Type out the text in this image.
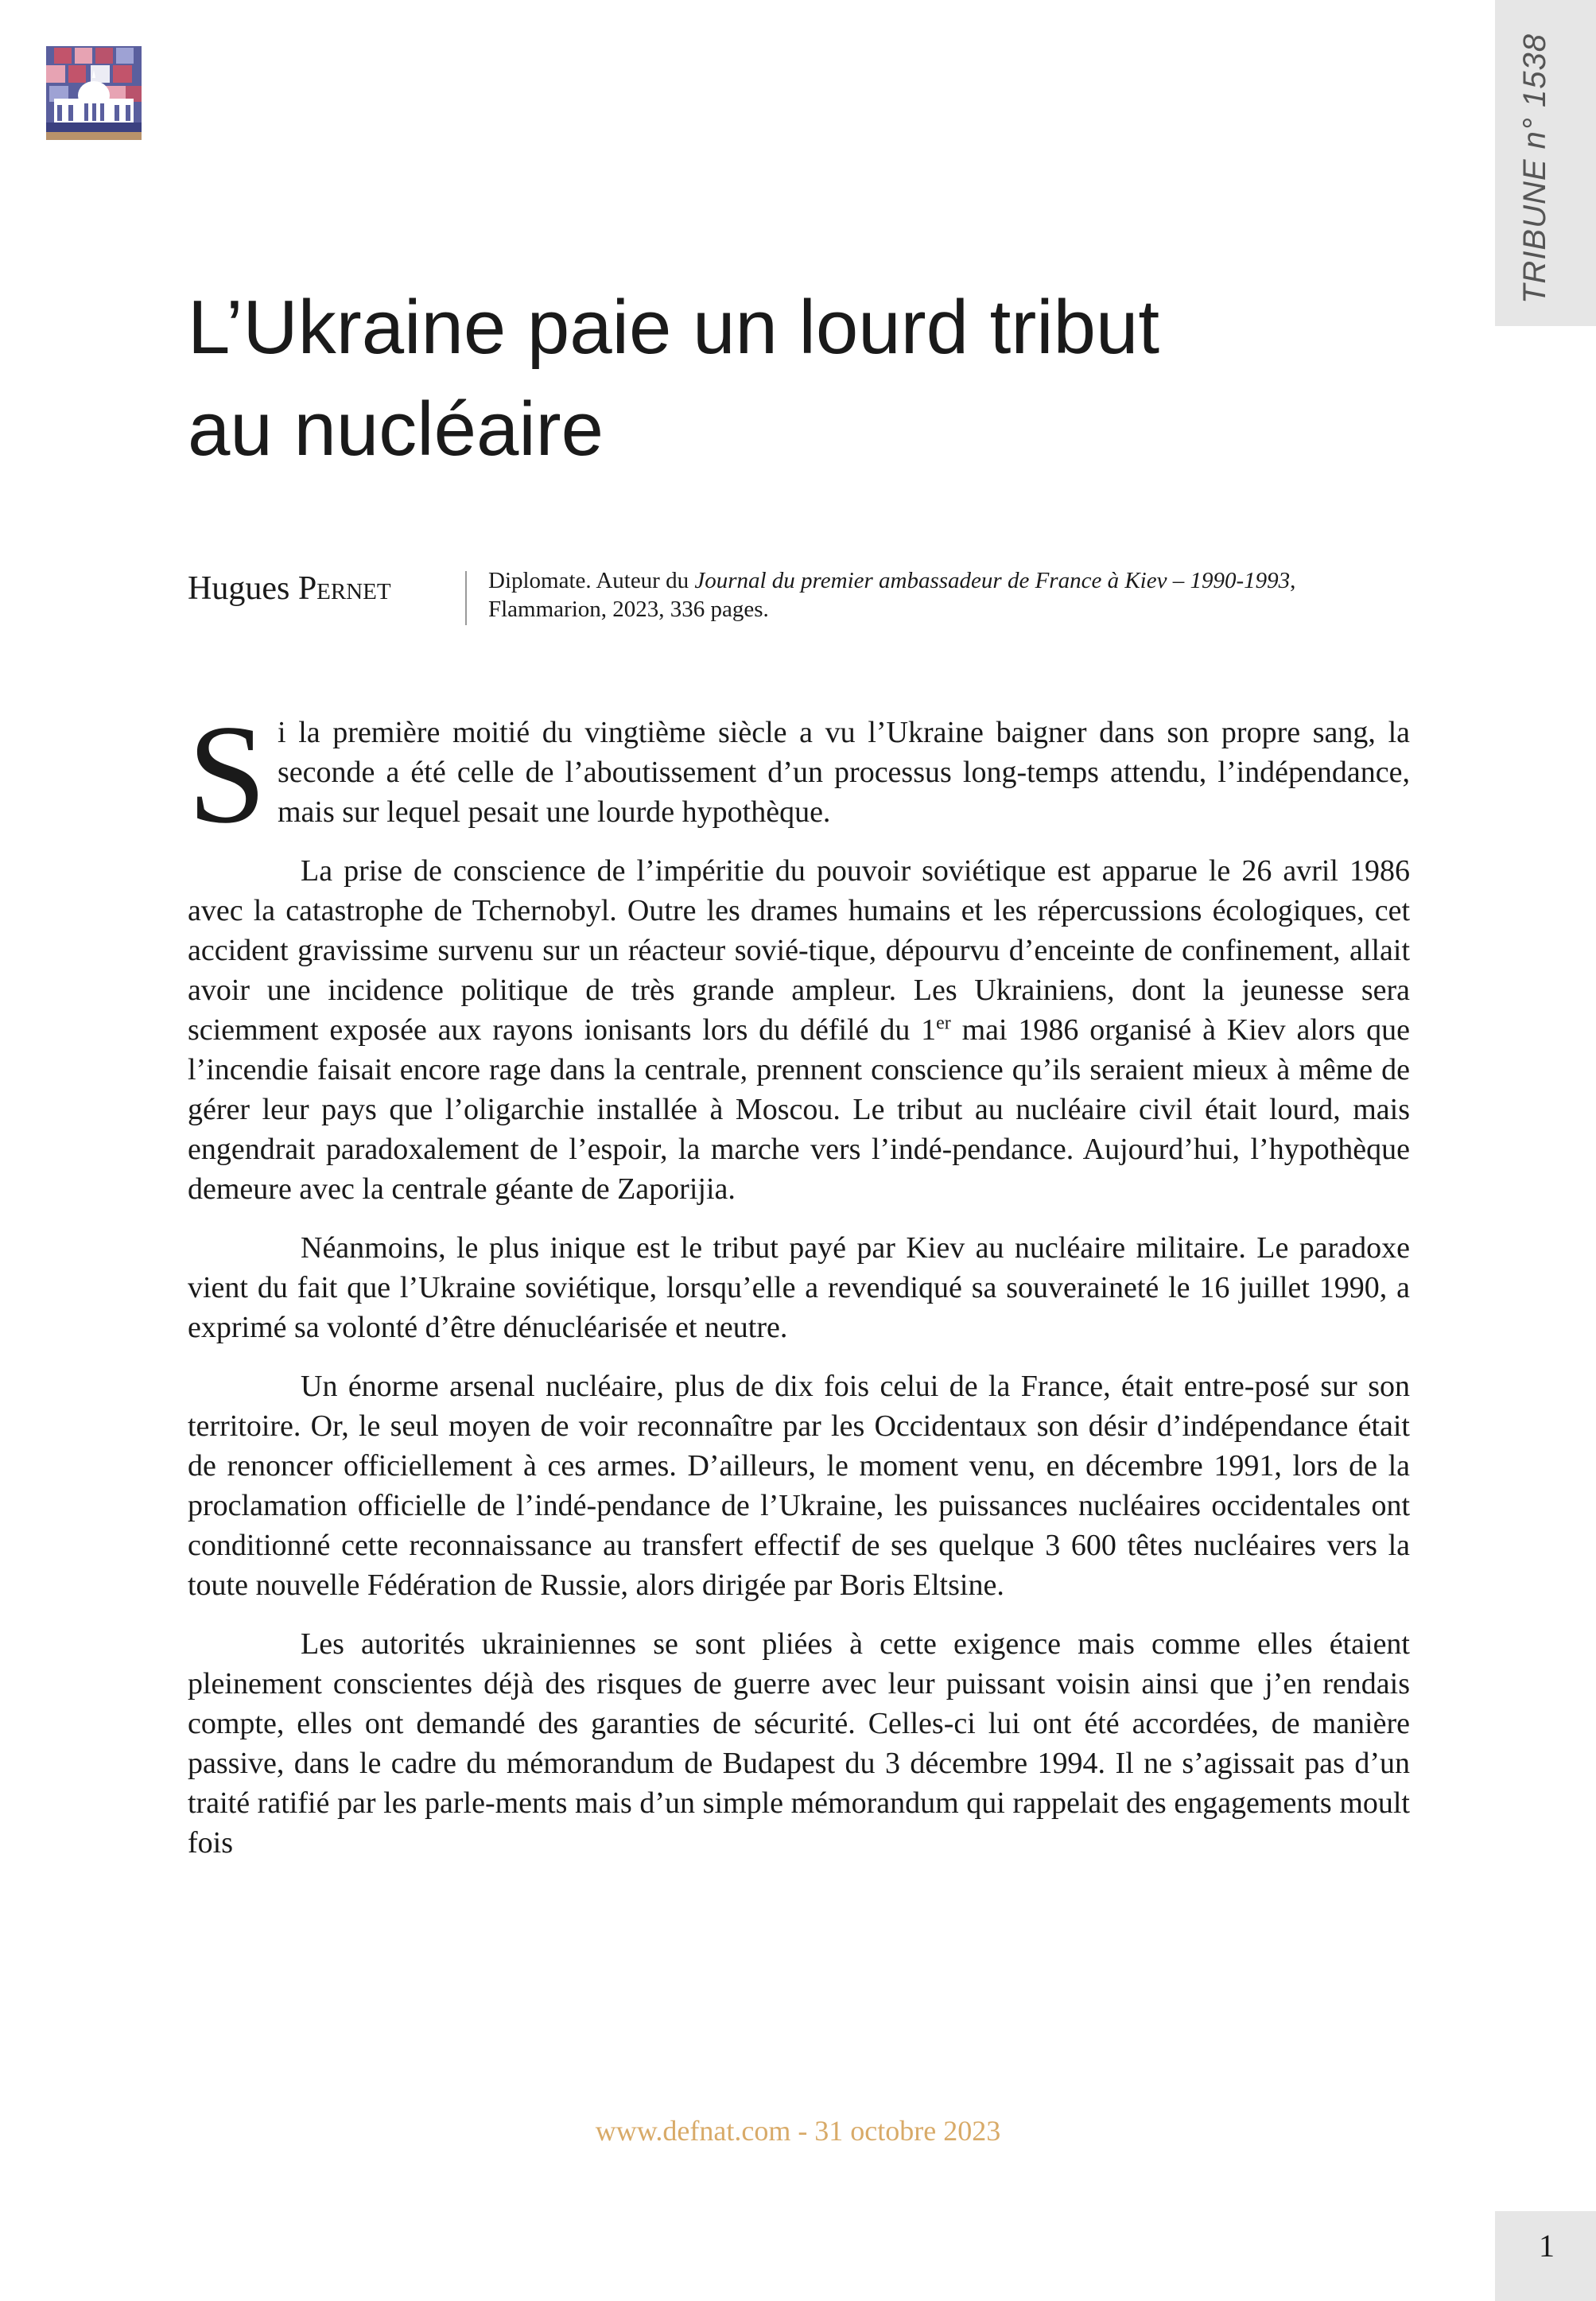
TRIBUNE n° 1538
L’Ukraine paie un lourd tribut
au nucléaire

Hugues Pernet	Diplomate. Auteur du Journal du premier ambassadeur de France à Kiev – 1990-1993, Flammarion, 2023, 336 pages.

Si la première moitié du vingtième siècle a vu l’Ukraine baigner dans son propre sang, la seconde a été celle de l’aboutissement d’un processus long-temps attendu, l’indépendance, mais sur lequel pesait une lourde hypothèque.

La prise de conscience de l’impéritie du pouvoir soviétique est apparue le 26 avril 1986 avec la catastrophe de Tchernobyl. Outre les drames humains et les répercussions écologiques, cet accident gravissime survenu sur un réacteur sovié-tique, dépourvu d’enceinte de confinement, allait avoir une incidence politique de très grande ampleur. Les Ukrainiens, dont la jeunesse sera sciemment exposée aux rayons ionisants lors du défilé du 1er mai 1986 organisé à Kiev alors que l’incendie faisait encore rage dans la centrale, prennent conscience qu’ils seraient mieux à même de gérer leur pays que l’oligarchie installée à Moscou. Le tribut au nucléaire civil était lourd, mais engendrait paradoxalement de l’espoir, la marche vers l’indé-pendance. Aujourd’hui, l’hypothèque demeure avec la centrale géante de Zaporijia.

Néanmoins, le plus inique est le tribut payé par Kiev au nucléaire militaire. Le paradoxe vient du fait que l’Ukraine soviétique, lorsqu’elle a revendiqué sa souveraineté le 16 juillet 1990, a exprimé sa volonté d’être dénucléarisée et neutre.

Un énorme arsenal nucléaire, plus de dix fois celui de la France, était entre-posé sur son territoire. Or, le seul moyen de voir reconnaître par les Occidentaux son désir d’indépendance était de renoncer officiellement à ces armes. D’ailleurs, le moment venu, en décembre 1991, lors de la proclamation officielle de l’indé-pendance de l’Ukraine, les puissances nucléaires occidentales ont conditionné cette reconnaissance au transfert effectif de ses quelque 3 600 têtes nucléaires vers la toute nouvelle Fédération de Russie, alors dirigée par Boris Eltsine.

Les autorités ukrainiennes se sont pliées à cette exigence mais comme elles étaient pleinement conscientes déjà des risques de guerre avec leur puissant voisin ainsi que j’en rendais compte, elles ont demandé des garanties de sécurité. Celles-ci lui ont été accordées, de manière passive, dans le cadre du mémorandum de Budapest du 3 décembre 1994. Il ne s’agissait pas d’un traité ratifié par les parle-ments mais d’un simple mémorandum qui rappelait des engagements moult fois

www.defnat.com - 31 octobre 2023
1
